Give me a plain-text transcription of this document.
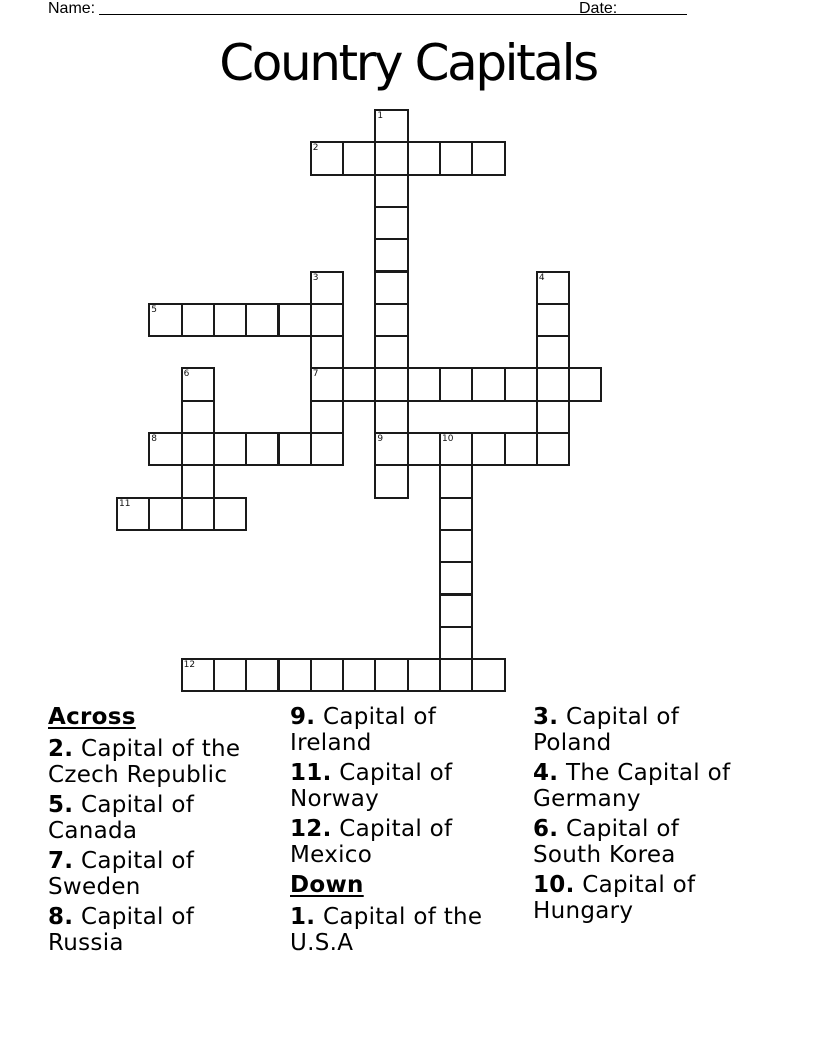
Name:	Date:
Country Capitals
1
9
2
3
7
4
5
6
8	10
11
12
Across
2. Capital of the
Czech Republic
5. Capital of
Canada
7. Capital of
Sweden
8. Capital of
Russia
9. Capital of
Ireland
11. Capital of
Norway
12. Capital of
Mexico
Down
1. Capital of the
U.S.A
3. Capital of
Poland
4. The Capital of
Germany
6. Capital of
South Korea
10. Capital of
Hungary
